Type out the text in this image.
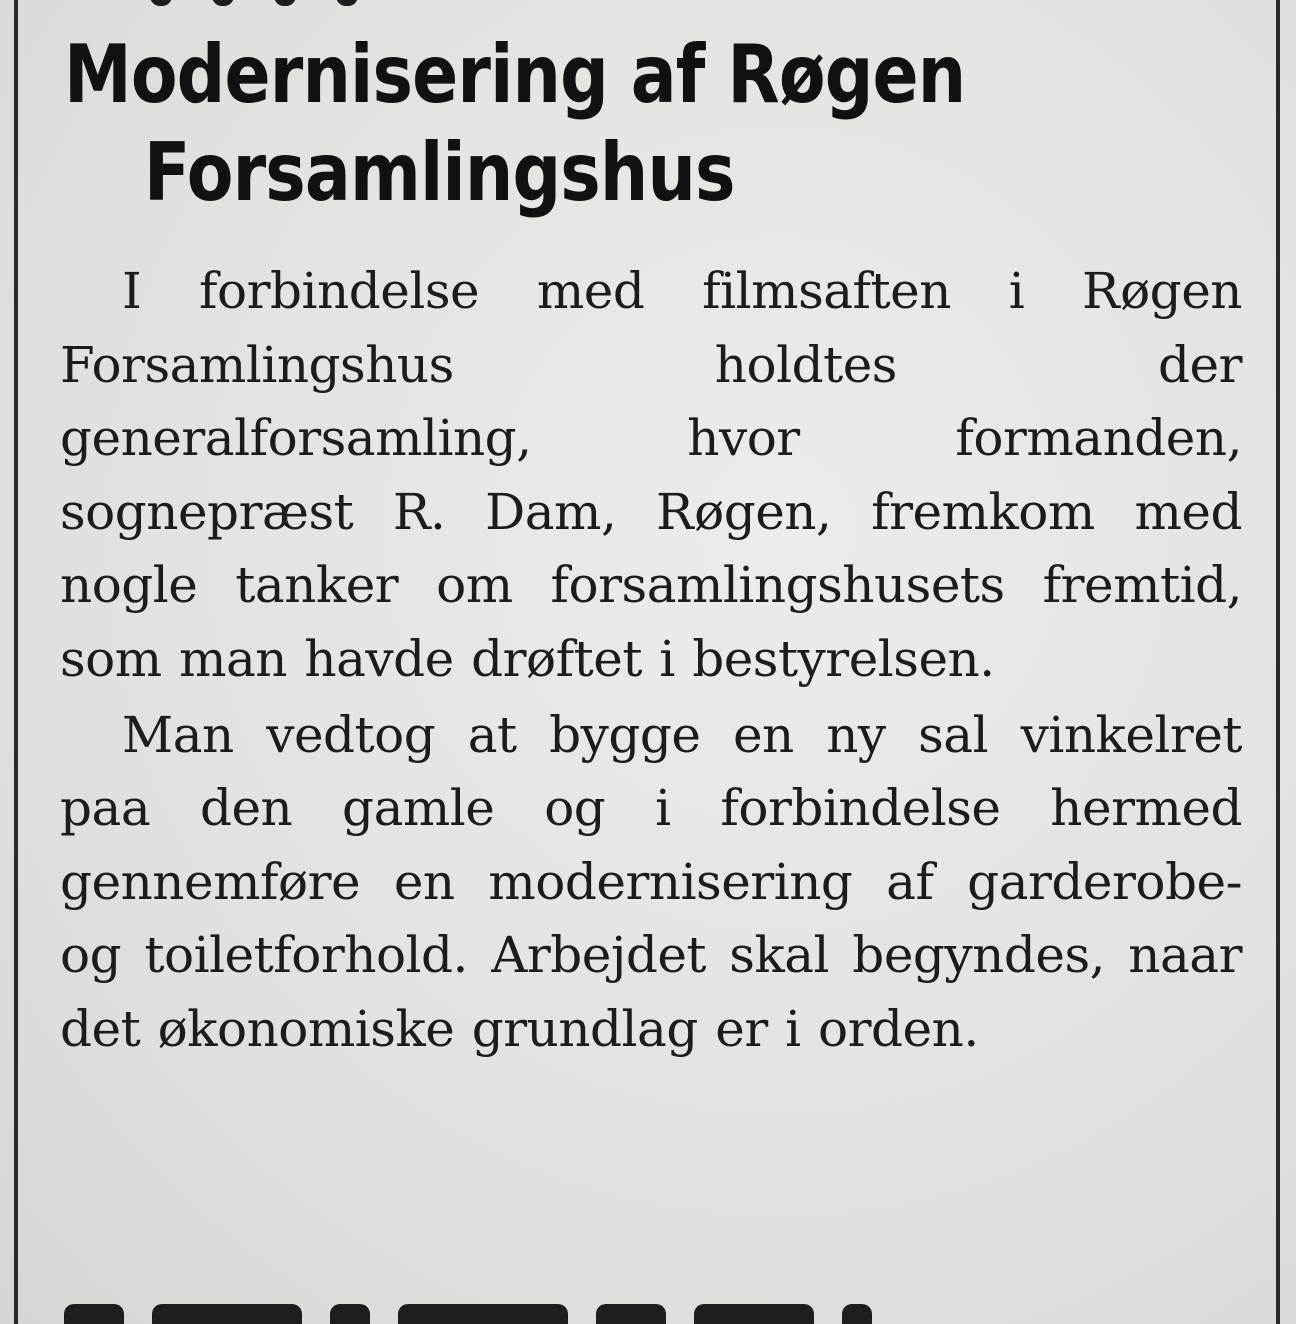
Modernisering af Røgen
Forsamlingshus

I forbindelse med filmsaften i Røgen Forsamlingshus holdtes der generalforsamling, hvor formanden, sognepræst R. Dam, Røgen, fremkom med nogle tanker om forsamlingshusets fremtid, som man havde drøftet i bestyrelsen.

Man vedtog at bygge en ny sal vinkelret paa den gamle og i forbindelse hermed gennemføre en modernisering af garderobe- og toiletforhold. Arbejdet skal begyndes, naar det økonomiske grundlag er i orden.
